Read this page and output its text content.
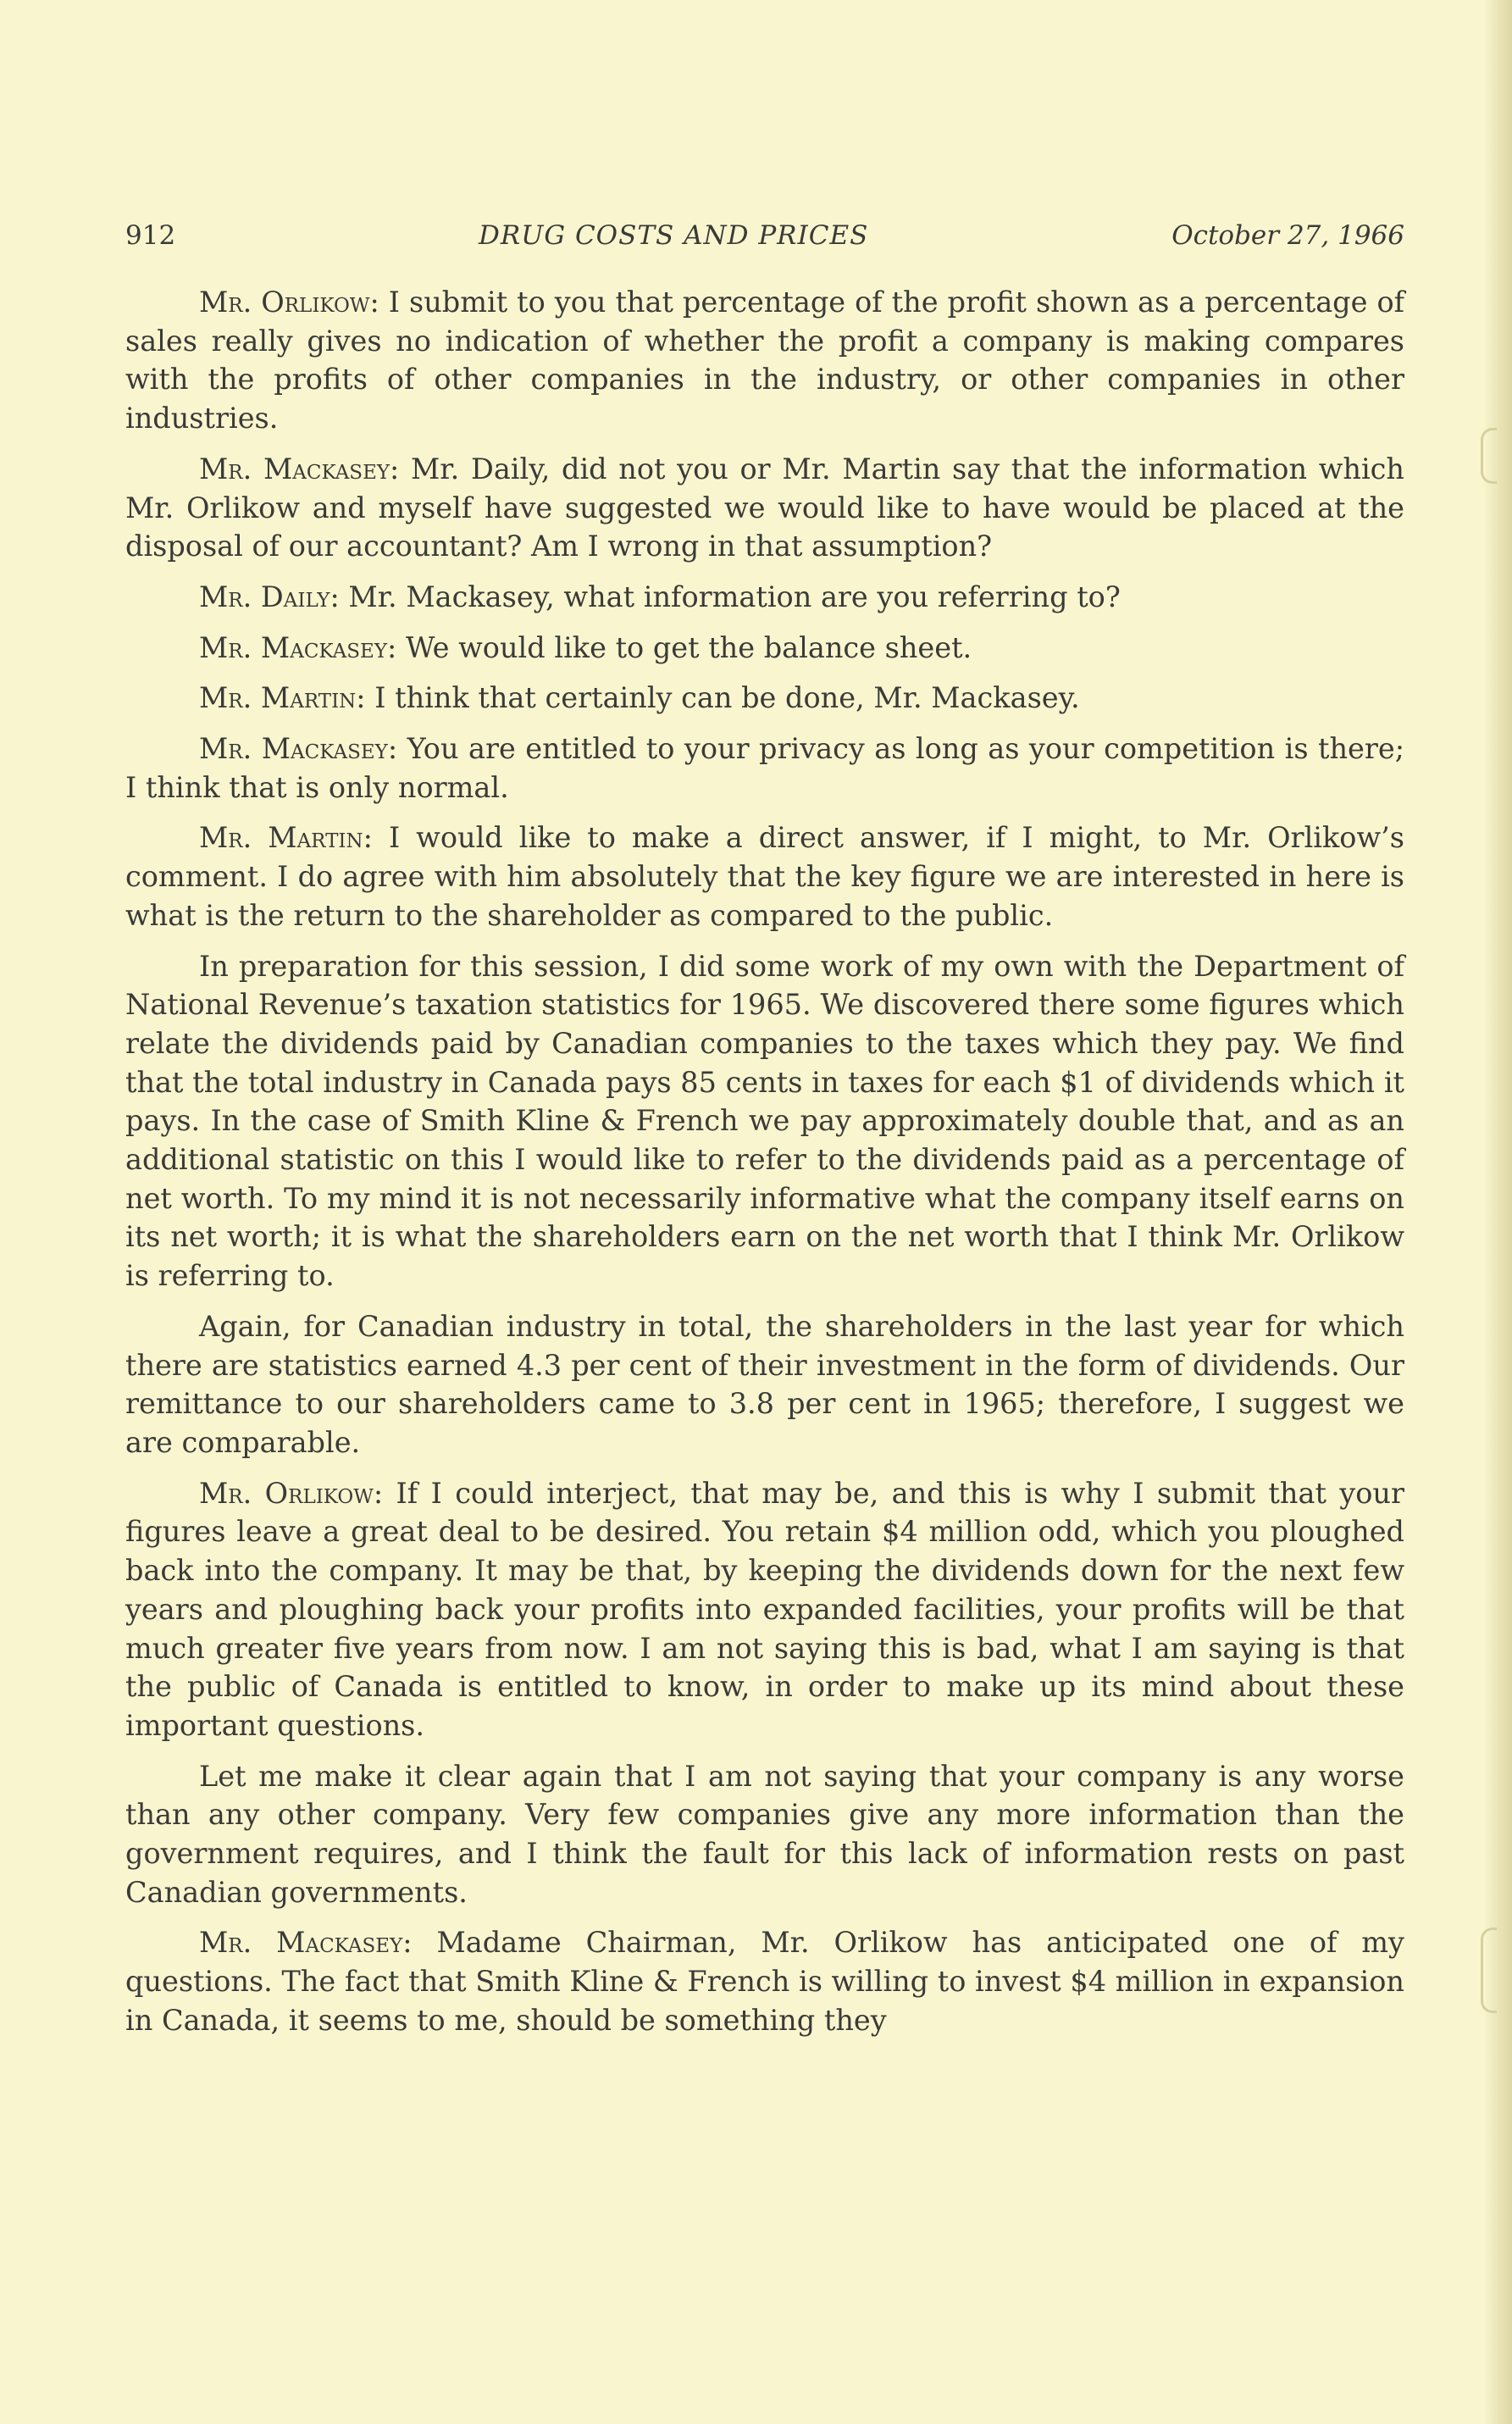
912	DRUG COSTS AND PRICES	October 27, 1966

Mr. Orlikow: I submit to you that percentage of the profit shown as a percentage of sales really gives no indication of whether the profit a company is making compares with the profits of other companies in the industry, or other companies in other industries.

Mr. Mackasey: Mr. Daily, did not you or Mr. Martin say that the information which Mr. Orlikow and myself have suggested we would like to have would be placed at the disposal of our accountant? Am I wrong in that assumption?

Mr. Daily: Mr. Mackasey, what information are you referring to?

Mr. Mackasey: We would like to get the balance sheet.

Mr. Martin: I think that certainly can be done, Mr. Mackasey.

Mr. Mackasey: You are entitled to your privacy as long as your competition is there; I think that is only normal.

Mr. Martin: I would like to make a direct answer, if I might, to Mr. Orlikow’s comment. I do agree with him absolutely that the key figure we are interested in here is what is the return to the shareholder as compared to the public.

In preparation for this session, I did some work of my own with the Department of National Revenue’s taxation statistics for 1965. We discovered there some figures which relate the dividends paid by Canadian companies to the taxes which they pay. We find that the total industry in Canada pays 85 cents in taxes for each $1 of dividends which it pays. In the case of Smith Kline & French we pay approximately double that, and as an additional statistic on this I would like to refer to the dividends paid as a percentage of net worth. To my mind it is not necessarily informative what the company itself earns on its net worth; it is what the shareholders earn on the net worth that I think Mr. Orlikow is referring to.

Again, for Canadian industry in total, the shareholders in the last year for which there are statistics earned 4.3 per cent of their investment in the form of dividends. Our remittance to our shareholders came to 3.8 per cent in 1965; therefore, I suggest we are comparable.

Mr. Orlikow: If I could interject, that may be, and this is why I submit that your figures leave a great deal to be desired. You retain $4 million odd, which you ploughed back into the company. It may be that, by keeping the dividends down for the next few years and ploughing back your profits into expanded facilities, your profits will be that much greater five years from now. I am not saying this is bad, what I am saying is that the public of Canada is entitled to know, in order to make up its mind about these important questions.

Let me make it clear again that I am not saying that your company is any worse than any other company. Very few companies give any more information than the government requires, and I think the fault for this lack of information rests on past Canadian governments.

Mr. Mackasey: Madame Chairman, Mr. Orlikow has anticipated one of my questions. The fact that Smith Kline & French is willing to invest $4 million in expansion in Canada, it seems to me, should be something they
